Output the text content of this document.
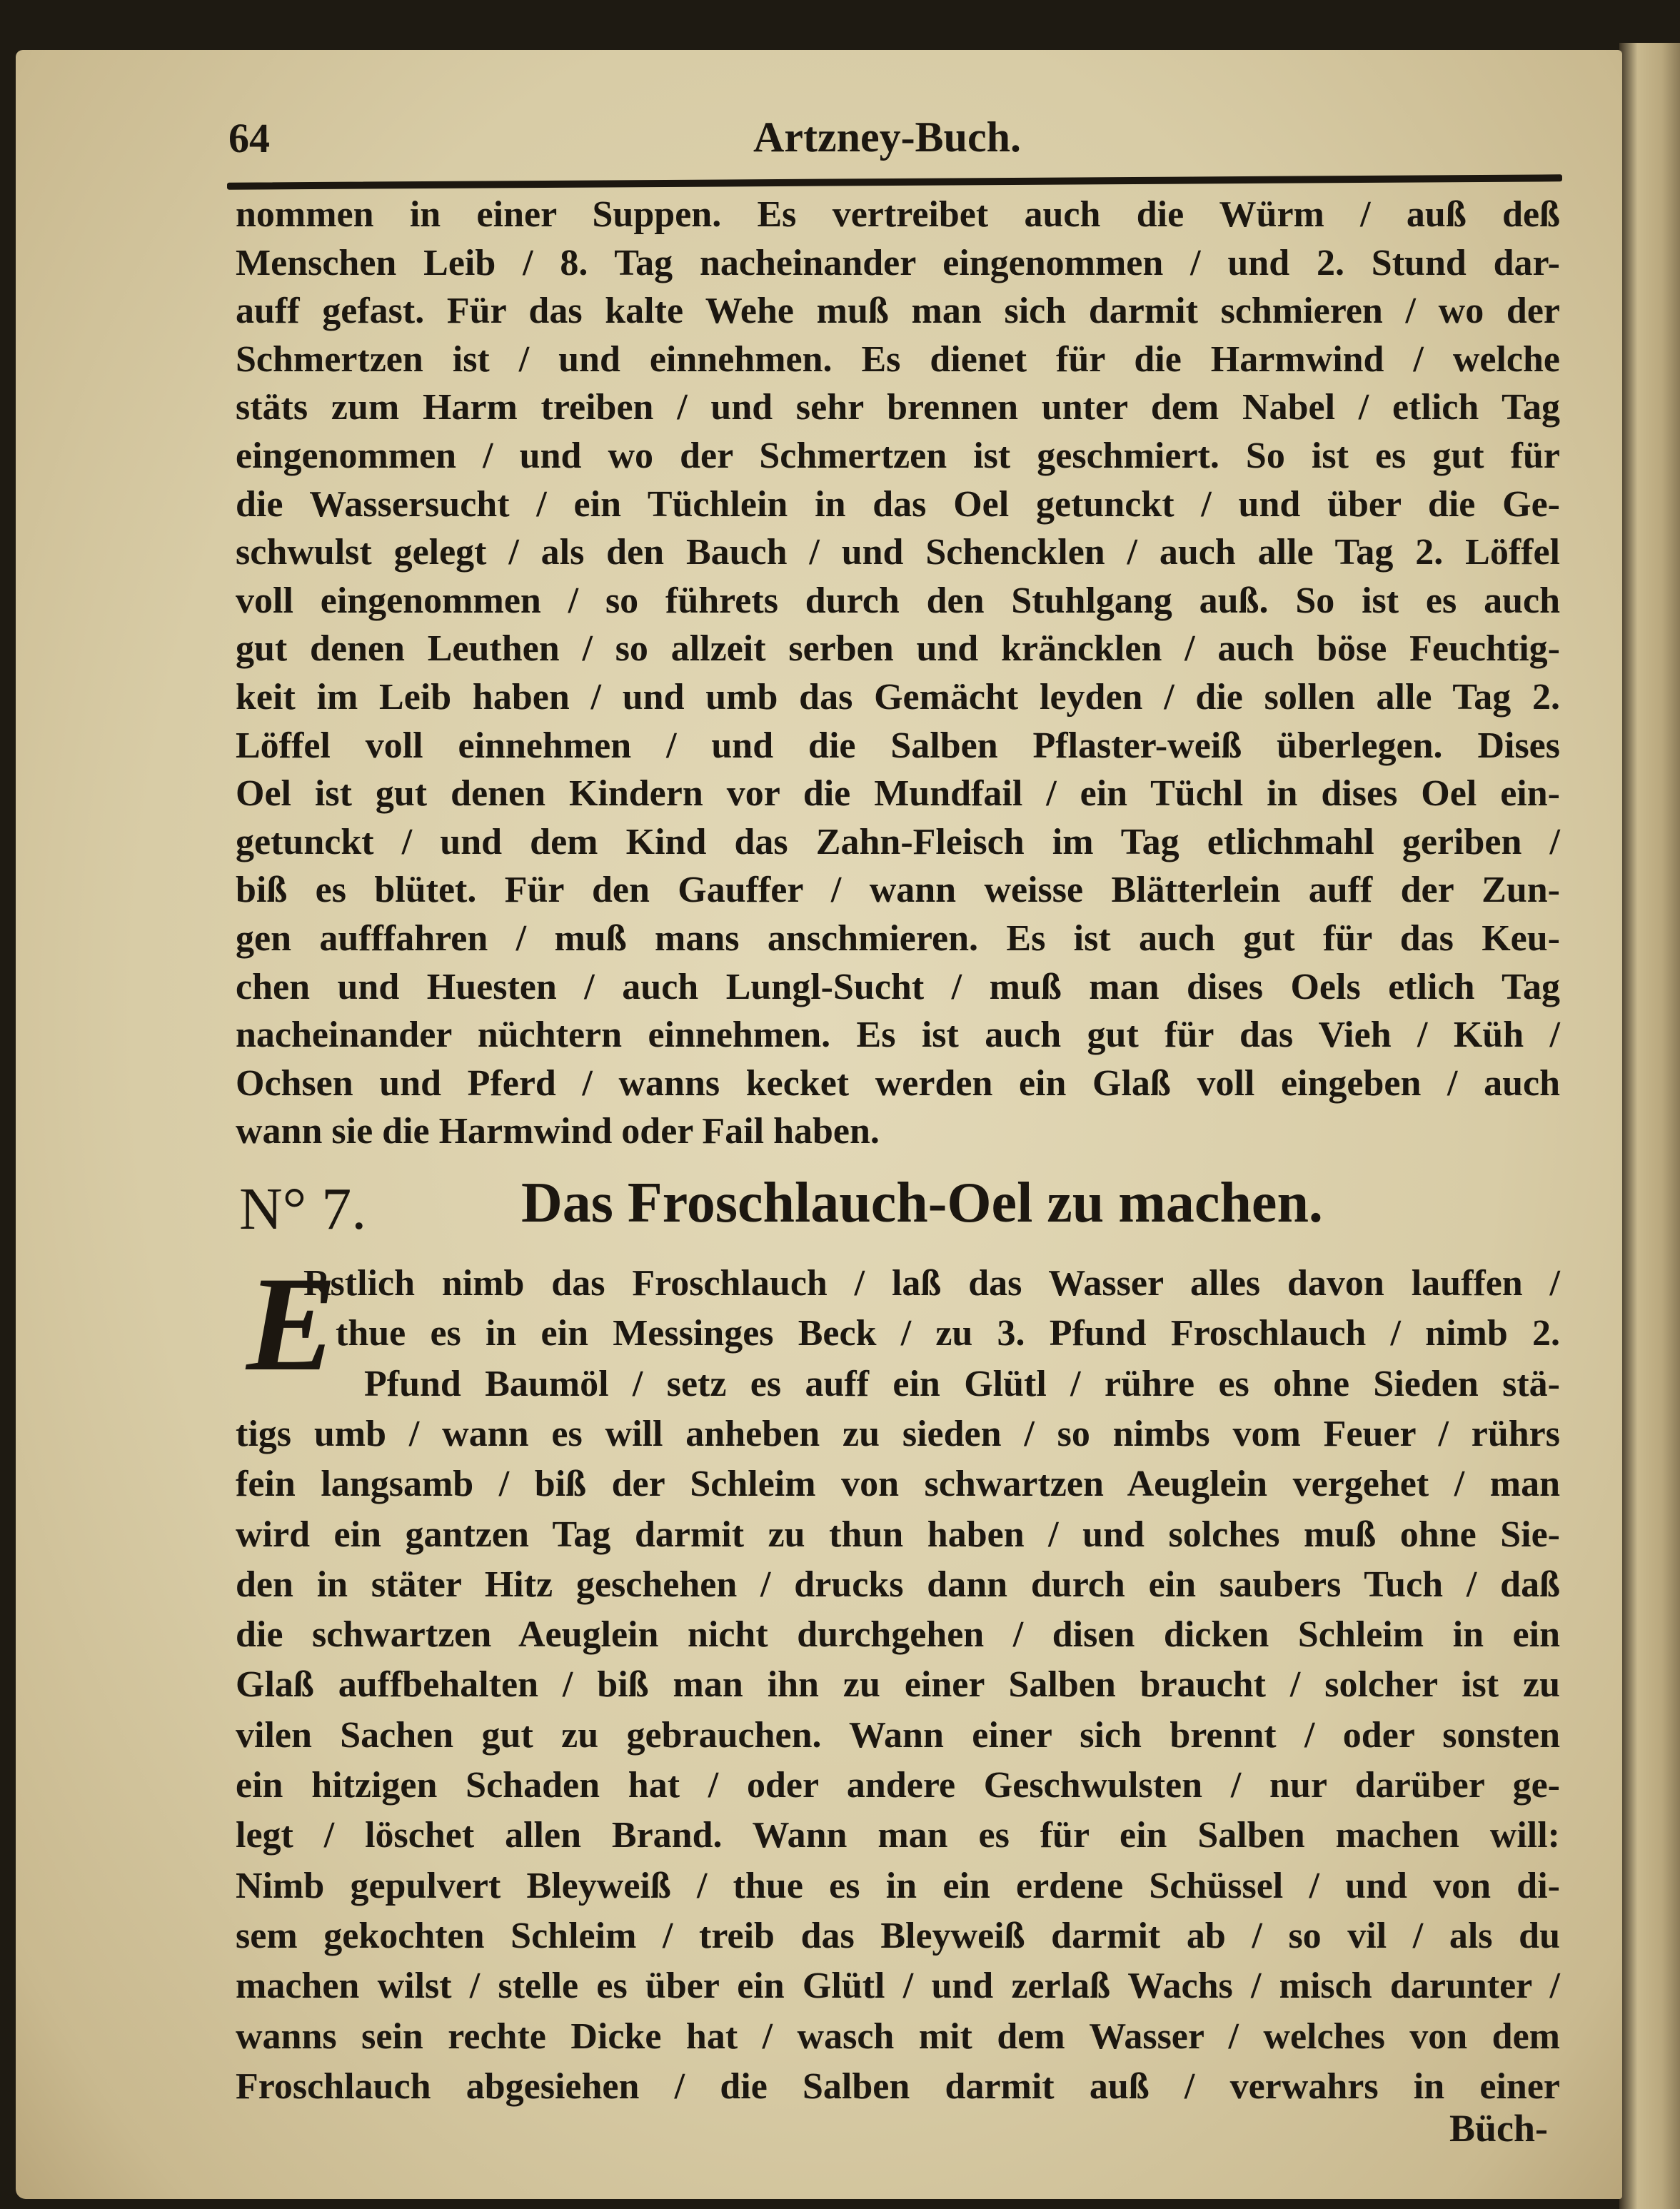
64	Artzney-Buch.
nommen in einer Suppen. Es vertreibet auch die Würm / auß deß
Menschen Leib / 8. Tag nacheinander eingenommen / und 2. Stund dar-
auff gefast. Für das kalte Wehe muß man sich darmit schmieren / wo der
Schmertzen ist / und einnehmen. Es dienet für die Harmwind / welche
stäts zum Harm treiben / und sehr brennen unter dem Nabel / etlich Tag
eingenommen / und wo der Schmertzen ist geschmiert. So ist es gut für
die Wassersucht / ein Tüchlein in das Oel getunckt / und über die Ge-
schwulst gelegt / als den Bauch / und Schencklen / auch alle Tag 2. Löffel
voll eingenommen / so führets durch den Stuhlgang auß. So ist es auch
gut denen Leuthen / so allzeit serben und kräncklen / auch böse Feuchtig-
keit im Leib haben / und umb das Gemächt leyden / die sollen alle Tag 2.
Löffel voll einnehmen / und die Salben Pflaster-weiß überlegen. Dises
Oel ist gut denen Kindern vor die Mundfail / ein Tüchl in dises Oel ein-
getunckt / und dem Kind das Zahn-Fleisch im Tag etlichmahl geriben /
biß es blütet. Für den Gauffer / wann weisse Blätterlein auff der Zun-
gen aufffahren / muß mans anschmieren. Es ist auch gut für das Keu-
chen und Huesten / auch Lungl-Sucht / muß man dises Oels etlich Tag
nacheinander nüchtern einnehmen. Es ist auch gut für das Vieh / Küh /
Ochsen und Pferd / wanns kecket werden ein Glaß voll eingeben / auch
wann sie die Harmwind oder Fail haben.
N° 7.	Das Froschlauch-Oel zu machen.
E
Rstlich nimb das Froschlauch / laß das Wasser alles davon lauffen /
thue es in ein Messinges Beck / zu 3. Pfund Froschlauch / nimb 2.
Pfund Baumöl / setz es auff ein Glütl / rühre es ohne Sieden stä-
tigs umb / wann es will anheben zu sieden / so nimbs vom Feuer / rührs
fein langsamb / biß der Schleim von schwartzen Aeuglein vergehet / man
wird ein gantzen Tag darmit zu thun haben / und solches muß ohne Sie-
den in stäter Hitz geschehen / drucks dann durch ein saubers Tuch / daß
die schwartzen Aeuglein nicht durchgehen / disen dicken Schleim in ein
Glaß auffbehalten / biß man ihn zu einer Salben braucht / solcher ist zu
vilen Sachen gut zu gebrauchen. Wann einer sich brennt / oder sonsten
ein hitzigen Schaden hat / oder andere Geschwulsten / nur darüber ge-
legt / löschet allen Brand. Wann man es für ein Salben machen will:
Nimb gepulvert Bleyweiß / thue es in ein erdene Schüssel / und von di-
sem gekochten Schleim / treib das Bleyweiß darmit ab / so vil / als du
machen wilst / stelle es über ein Glütl / und zerlaß Wachs / misch darunter /
wanns sein rechte Dicke hat / wasch mit dem Wasser / welches von dem
Froschlauch abgesiehen / die Salben darmit auß / verwahrs in einer
Büch-
